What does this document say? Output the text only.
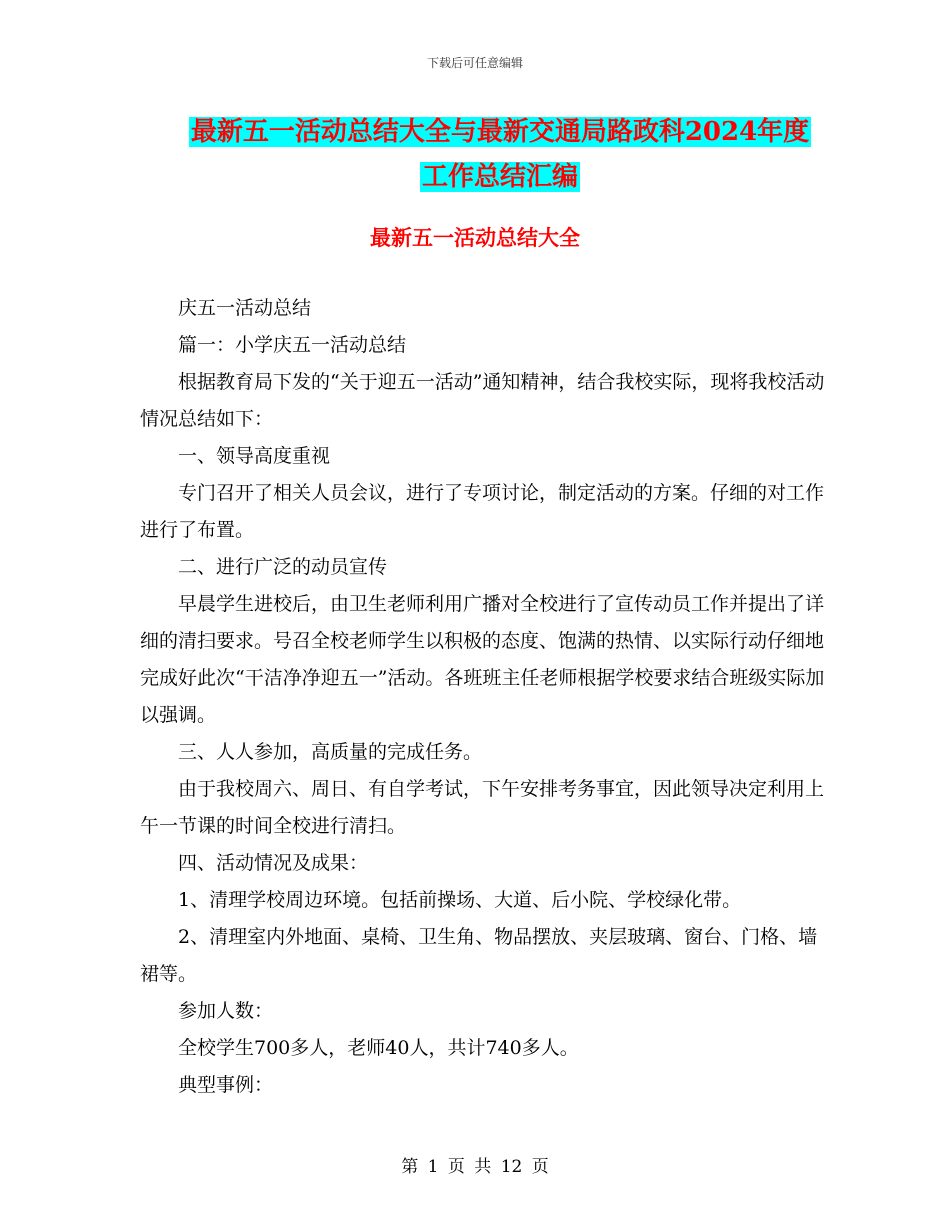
下载后可任意编辑
最新五一活动总结大全与最新交通局路政科2024年度
工作总结汇编
最新五一活动总结大全

庆五一活动总结

篇一：小学庆五一活动总结

根据教育局下发的“关于迎五一活动”通知精神，结合我校实际，现将我校活动情况总结如下：

一、领导高度重视

专门召开了相关人员会议，进行了专项讨论，制定活动的方案。仔细的对工作进行了布置。

二、进行广泛的动员宣传

早晨学生进校后，由卫生老师利用广播对全校进行了宣传动员工作并提出了详细的清扫要求。号召全校老师学生以积极的态度、饱满的热情、以实际行动仔细地完成好此次“干洁净净迎五一”活动。各班班主任老师根据学校要求结合班级实际加以强调。

三、人人参加，高质量的完成任务。

由于我校周六、周日、有自学考试，下午安排考务事宜，因此领导决定利用上午一节课的时间全校进行清扫。

四、活动情况及成果：

1、清理学校周边环境。包括前操场、大道、后小院、学校绿化带。

2、清理室内外地面、桌椅、卫生角、物品摆放、夹层玻璃、窗台、门格、墙裙等。

参加人数：

全校学生700多人，老师40人，共计740多人。

典型事例：

第 1 页 共 12 页
